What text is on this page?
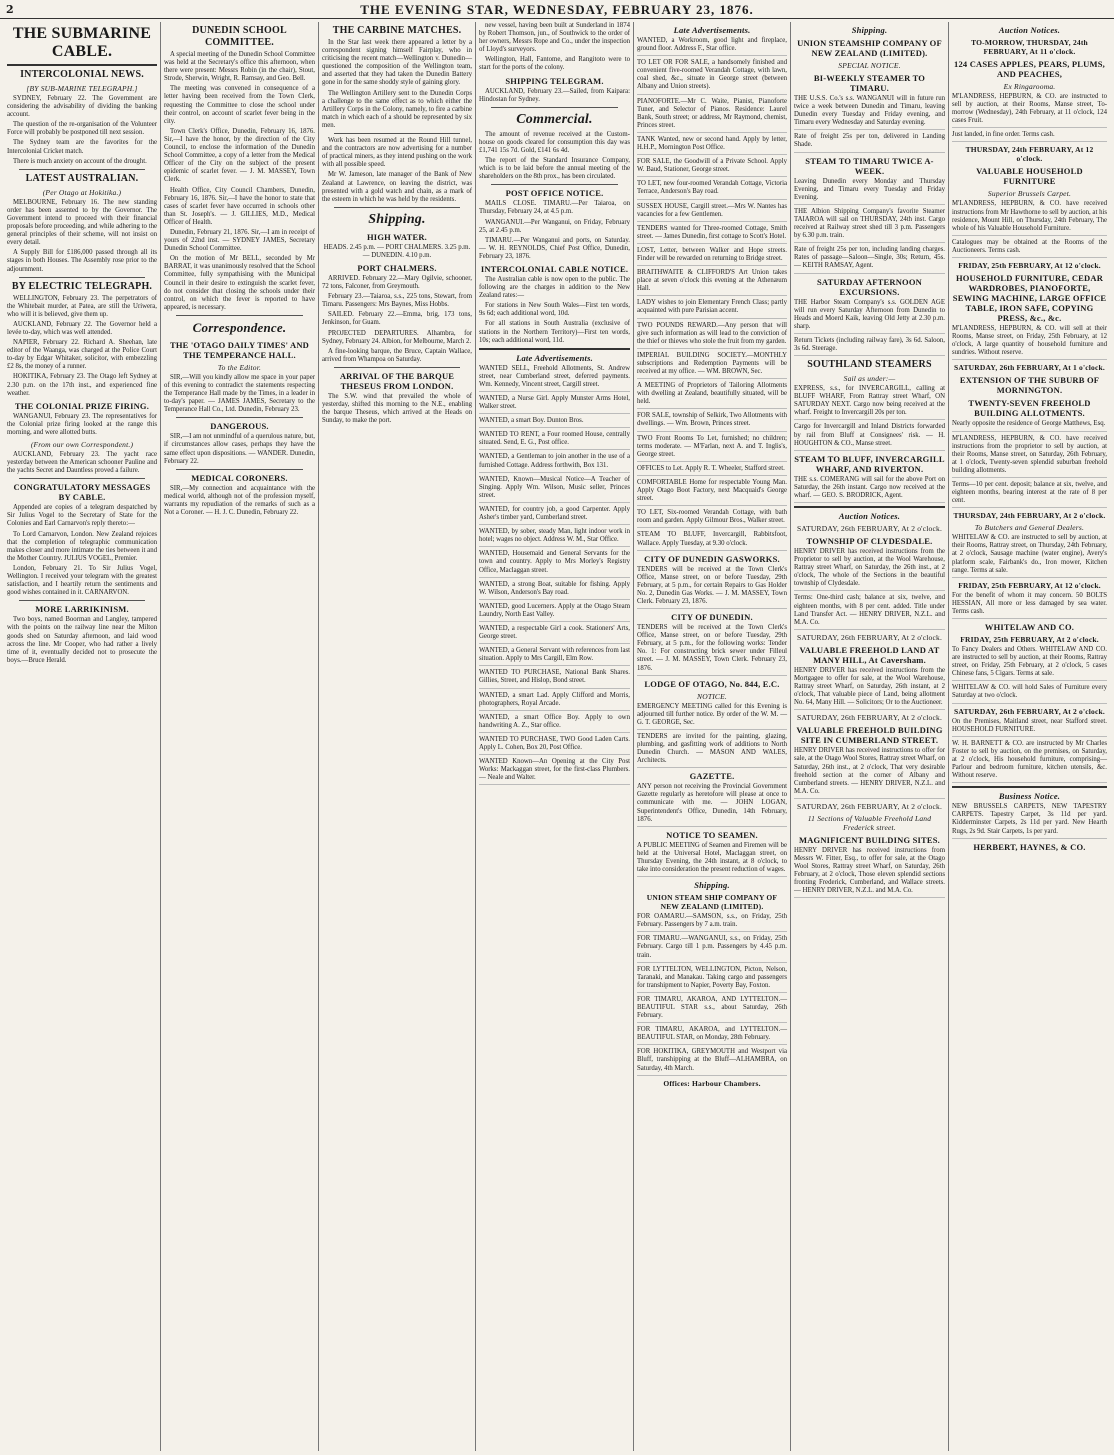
2	THE EVENING STAR, WEDNESDAY, FEBRUARY 23, 1876.
THE SUBMARINE CABLE.
INTERCOLONIAL NEWS.
[BY SUB-MARINE TELEGRAPH.]

SYDNEY, February 22. The Government are considering the advisability of dividing the banking account.

The question of the re-organisation of the Volunteer Force will probably be postponed till next session.

The Sydney team are the favorites for the Intercolonial Cricket match.

There is much anxiety on account of the drought.

LATEST AUSTRALIAN.
(Per Otago at Hokitika.)

MELBOURNE, February 16. The new standing order has been assented to by the Governor. The Government intend to proceed with their financial proposals before proceeding, and while adhering to the general principles of their scheme, will not insist on every detail.

A Supply Bill for £186,000 passed through all its stages in both Houses. The Assembly rose prior to the adjournment.

BY ELECTRIC TELEGRAPH.

WELLINGTON, February 23. The perpetrators of the Whitebait murder, at Patea, are still the Uriwera, who will it is believed, give them up.

AUCKLAND, February 22. The Governor held a levée to-day, which was well attended.

NAPIER, February 22. Richard A. Sheehan, late editor of the Waanga, was charged at the Police Court to-day by Edgar Whitaker, solicitor, with embezzling £2 8s, the money of a runner.

HOKITIKA, February 23. The Otago left Sydney at 2.30 p.m. on the 17th inst., and experienced fine weather.

THE COLONIAL PRIZE FIRING.

WANGANUI, February 23. The representatives for the Colonial prize firing looked at the range this morning, and were allotted butts.

(From our own Correspondent.)

AUCKLAND, February 23. The yacht race yesterday between the American schooner Pauline and the yachts Secret and Dauntless proved a failure.

CONGRATULATORY MESSAGES BY CABLE.

Appended are copies of a telegram despatched by Sir Julius Vogel to the Secretary of State for the Colonies and Earl Carnarvon's reply thereto:—

To Lord Carnarvon, London. New Zealand rejoices that the completion of telegraphic communication makes closer and more intimate the ties between it and the Mother Country. JULIUS VOGEL, Premier.

London, February 21. To Sir Julius Vogel, Wellington. I received your telegram with the greatest satisfaction, and I heartily return the sentiments and good wishes contained in it. CARNARVON.

MORE LARRIKINISM.

Two boys, named Boorman and Langley, tampered with the points on the railway line near the Milton goods shed on Saturday afternoon, and laid wood across the line. Mr Cooper, who had rather a lively time of it, eventually decided not to prosecute the boys.—Bruce Herald.

DUNEDIN SCHOOL COMMITTEE.

A special meeting of the Dunedin School Committee was held at the Secretary's office this afternoon, when there were present: Messrs Robin (in the chair), Stout, Strode, Sherwin, Wright, R. Ramsay, and Geo. Bell.

The meeting was convened in consequence of a letter having been received from the Town Clerk, requesting the Committee to close the school under their control, on account of scarlet fever being in the city.

Town Clerk's Office, Dunedin, February 16, 1876. Sir,—I have the honor, by the direction of the City Council, to enclose the information of the Dunedin School Committee, a copy of a letter from the Medical Officer of the City on the subject of the present epidemic of scarlet fever. — J. M. MASSEY, Town Clerk.

Health Office, City Council Chambers, Dunedin, February 16, 1876. Sir,—I have the honor to state that cases of scarlet fever have occurred in schools other than St. Joseph's. — J. GILLIES, M.D., Medical Officer of Health.

Dunedin, February 21, 1876. Sir,—I am in receipt of yours of 22nd inst. — SYDNEY JAMES, Secretary Dunedin School Committee.

On the motion of Mr BELL, seconded by Mr BARRAT, it was unanimously resolved that the School Committee, fully sympathising with the Municipal Council in their desire to extinguish the scarlet fever, do not consider that closing the schools under their control, on which the fever is reported to have appeared, is necessary.

Correspondence.
THE 'OTAGO DAILY TIMES' AND THE TEMPERANCE HALL.
To the Editor.

SIR,—Will you kindly allow me space in your paper of this evening to contradict the statements respecting the Temperance Hall made by the Times, in a leader in to-day's paper. — JAMES JAMES, Secretary to the Temperance Hall Co., Ltd. Dunedin, February 23.

DANGEROUS.

SIR,—I am not unmindful of a querulous nature, but, if circumstances allow cases, perhaps they have the same effect upon dispositions. — WANDER. Dunedin, February 22.

MEDICAL CORONERS.

SIR,—My connection and acquaintance with the medical world, although not of the profession myself, warrants my repudiation of the remarks of such as a Not a Coroner. — H. J. C. Dunedin, February 22.

THE CARBINE MATCHES.

In the Star last week there appeared a letter by a correspondent signing himself Fairplay, who in criticising the recent match—Wellington v. Dunedin—questioned the composition of the Wellington team, and asserted that they had taken the Dunedin Battery gone in for the same shoddy style of gaining glory.

The Wellington Artillery sent to the Dunedin Corps a challenge to the same effect as to which either the Artillery Corps in the Colony, namely, to fire a carbine match in which each of a should be represented by six men.

Work has been resumed at the Round Hill tunnel, and the contractors are now advertising for a number of practical miners, as they intend pushing on the work with all possible speed.

Mr W. Jameson, late manager of the Bank of New Zealand at Lawrence, on leaving the district, was presented with a gold watch and chain, as a mark of the esteem in which he was held by the residents.

Shipping.
HIGH WATER.

HEADS. 2.45 p.m. — PORT CHALMERS. 3.25 p.m. — DUNEDIN. 4.10 p.m.

PORT CHALMERS.

ARRIVED. February 22.—Mary Ogilvie, schooner, 72 tons, Falconer, from Greymouth.

February 23.—Taiaroa, s.s., 225 tons, Stewart, from Timaru. Passengers: Mrs Baynes, Miss Hobbs.

SAILED. February 22.—Emma, brig, 173 tons, Jenkinson, for Guam.

PROJECTED DEPARTURES. Alhambra, for Sydney, February 24. Albion, for Melbourne, March 2.

A fine-looking barque, the Bruce, Captain Wallace, arrived from Whampoa on Saturday.

ARRIVAL OF THE BARQUE THESEUS FROM LONDON.

The S.W. wind that prevailed the whole of yesterday, shifted this morning to the N.E., enabling the barque Theseus, which arrived at the Heads on Sunday, to make the port.

new vessel, having been built at Sunderland in 1874 by Robert Thomson, jun., of Southwick to the order of her owners, Messrs Rope and Co., under the inspection of Lloyd's surveyors.

Wellington, Hall, Fantome, and Rangitoto were to start for the ports of the colony.

SHIPPING TELEGRAM.

AUCKLAND, February 23.—Sailed, from Kaipara: Hindostan for Sydney.

Commercial.

The amount of revenue received at the Custom-house on goods cleared for consumption this day was £1,741 15s 7d. Gold, £141 6s 4d.

The report of the Standard Insurance Company, which is to be laid before the annual meeting of the shareholders on the 8th prox., has been circulated.

POST OFFICE NOTICE.

MAILS CLOSE. TIMARU.—Per Taiaroa, on Thursday, February 24, at 4.5 p.m.

WANGANUI.—Per Wanganui, on Friday, February 25, at 2.45 p.m.

TIMARU.—Per Wanganui and ports, on Saturday. — W. H. REYNOLDS, Chief Post Office, Dunedin, February 23, 1876.

INTERCOLONIAL CABLE NOTICE.

The Australian cable is now open to the public. The following are the charges in addition to the New Zealand rates:—

For stations in New South Wales—First ten words, 9s 6d; each additional word, 10d.

For all stations in South Australia (exclusive of stations in the Northern Territory)—First ten words, 10s; each additional word, 11d.

Late Advertisements.
WANTED SELL, Freehold Allotments, St. Andrew street, near Cumberland street, deferred payments. Wm. Kennedy, Vincent street, Cargill street.
WANTED, a Nurse Girl. Apply Munster Arms Hotel, Walker street.
WANTED, a smart Boy. Dunton Bros.
WANTED TO RENT, a Four roomed House, centrally situated. Send, E. G., Post office.
WANTED, a Gentleman to join another in the use of a furnished Cottage. Address forthwith, Box 131.
WANTED, Known—Musical Notice—A Teacher of Singing. Apply Wm. Wilson, Music seller, Princes street.
WANTED, for country job, a good Carpenter. Apply Asher's timber yard, Cumberland street.
WANTED, by sober, steady Man, light indoor work in hotel; wages no object. Address W. M., Star Office.
WANTED, Housemaid and General Servants for the town and country. Apply to Mrs Morley's Registry Office, Maclaggan street.
WANTED, a strong Boat, suitable for fishing. Apply W. Wilson, Anderson's Bay road.
WANTED, good Lucerners. Apply at the Otago Steam Laundry, North East Valley.
WANTED, a respectable Girl a cook. Stationers' Arts, George street.
WANTED, a General Servant with references from last situation. Apply to Mrs Cargill, Elm Row.
WANTED TO PURCHASE, National Bank Shares. Gillies, Street, and Hislop, Bond street.
WANTED, a smart Lad. Apply Clifford and Morris, photographers, Royal Arcade.
WANTED, a smart Office Boy. Apply to own handwriting A. Z., Star office.
WANTED TO PURCHASE, TWO Good Laden Carts. Apply L. Cohen, Box 20, Post Office.
WANTED Known—An Opening at the City Post Works: Mackaggan street, for the first-class Plumbers. — Neale and Walter.
Late Advertisements.
WANTED, a Workroom, good light and fireplace, ground floor. Address F., Star office.
TO LET OR FOR SALE, a handsomely finished and convenient five-roomed Verandah Cottage, with lawn, coal shed, &c., situate in George street (between Albany and Union streets).
PIANOFORTE.—Mr C. Waite, Pianist, Pianoforte Tuner, and Selector of Pianos. Residence: Laurel Bank, South street; or address, Mr Raymond, chemist, Princes street.
TANK Wanted, new or second hand. Apply by letter, H.H.P., Mornington Post Office.
FOR SALE, the Goodwill of a Private School. Apply W. Baud, Stationer, George street.
TO LET, new four-roomed Verandah Cottage, Victoria Terrace, Anderson's Bay road.
SUSSEX HOUSE, Cargill street.—Mrs W. Nantes has vacancies for a few Gentlemen.
TENDERS wanted for Three-roomed Cottage, Smith street. — James Dunedin, first cottage to Scott's Hotel.
LOST, Letter, between Walker and Hope streets. Finder will be rewarded on returning to Bridge street.
BRAITHWAITE & CLIFFORD'S Art Union takes place at seven o'clock this evening at the Athenæum Hall.
LADY wishes to join Elementary French Class; partly acquainted with pure Parisian accent.
TWO POUNDS REWARD.—Any person that will give such information as will lead to the conviction of the thief or thieves who stole the fruit from my garden.
IMPERIAL BUILDING SOCIETY.—MONTHLY subscriptions and Redemption Payments will be received at my office. — WM. BROWN, Sec.
A MEETING of Proprietors of Tailoring Allotments with dwelling at Zealand, beautifully situated, will be held.
FOR SALE, township of Selkirk, Two Allotments with dwellings. — Wm. Brown, Princes street.
TWO Front Rooms To Let, furnished; no children; terms moderate. — M'Farlan, next A. and T. Inglis's, George street.
OFFICES to Let. Apply R. T. Wheeler, Stafford street.
COMFORTABLE Home for respectable Young Man. Apply Otago Boot Factory, next Macquaid's George street.
TO LET, Six-roomed Verandah Cottage, with bath room and garden. Apply Gilmour Bros., Walker street.
STEAM TO BLUFF, Invercargill, Rabbitsfoot, Wallace. Apply Tuesday, at 9.30 o'clock.
CITY OF DUNEDIN GASWORKS.
TENDERS will be received at the Town Clerk's Office, Manse street, on or before Tuesday, 29th February, at 5 p.m., for certain Repairs to Gas Holder No. 2, Dunedin Gas Works. — J. M. MASSEY, Town Clerk. February 23, 1876.
CITY OF DUNEDIN.
TENDERS will be received at the Town Clerk's Office, Manse street, on or before Tuesday, 29th February, at 5 p.m., for the following works: Tender No. 1: For constructing brick sewer under Filleul street. — J. M. MASSEY, Town Clerk. February 23, 1876.
LODGE OF OTAGO, No. 844, E.C.
NOTICE.
EMERGENCY MEETING called for this Evening is adjourned till further notice. By order of the W. M. — G. T. GEORGE, Sec.
TENDERS are invited for the painting, glazing, plumbing, and gasfitting work of additions to North Dunedin Church. — MASON AND WALES, Architects.
GAZETTE.
ANY person not receiving the Provincial Government Gazette regularly as heretofore will please at once to communicate with me. — JOHN LOGAN, Superintendent's Office, Dunedin, 14th February, 1876.
NOTICE TO SEAMEN.
A PUBLIC MEETING of Seamen and Firemen will be held at the Universal Hotel, Maclaggan street, on Thursday Evening, the 24th instant, at 8 o'clock, to take into consideration the present reduction of wages.
Shipping.
UNION STEAM SHIP COMPANY OF NEW ZEALAND (LIMITED).
FOR OAMARU.—SAMSON, s.s., on Friday, 25th February. Passengers by 7 a.m. train.
FOR TIMARU.—WANGANUI, s.s., on Friday, 25th February. Cargo till 1 p.m. Passengers by 4.45 p.m. train.
FOR LYTTELTON, WELLINGTON, Picton, Nelson, Taranaki, and Manakau. Taking cargo and passengers for transhipment to Napier, Poverty Bay, Foxton.
FOR TIMARU, AKAROA, AND LYTTELTON.—BEAUTIFUL STAR s.s., about Saturday, 26th February.
FOR TIMARU, AKAROA, and LYTTELTON.—BEAUTIFUL STAR, on Monday, 28th February.
FOR HOKITIKA, GREYMOUTH and Westport via Bluff, transhipping at the Bluff—ALHAMBRA, on Saturday, 4th March.
Offices: Harbour Chambers.
Shipping.
UNION STEAMSHIP COMPANY OF NEW ZEALAND (LIMITED).
SPECIAL NOTICE.
BI-WEEKLY STEAMER TO TIMARU.
THE U.S.S. Co.'s s.s. WANGANUI will in future run twice a week between Dunedin and Timaru, leaving Dunedin every Tuesday and Friday evening, and Timaru every Wednesday and Saturday evening.
Rate of freight 25s per ton, delivered in Landing Shade.
STEAM TO TIMARU TWICE A-WEEK.
Leaving Dunedin every Monday and Thursday Evening, and Timaru every Tuesday and Friday Evening.
THE Albion Shipping Company's favorite Steamer TAIAROA will sail on THURSDAY, 24th inst. Cargo received at Railway street shed till 3 p.m. Passengers by 6.30 p.m. train.
Rate of freight 25s per ton, including landing charges. Rates of passage—Saloon—Single, 30s; Return, 45s. — KEITH RAMSAY, Agent.
SATURDAY AFTERNOON EXCURSIONS.
THE Harbor Steam Company's s.s. GOLDEN AGE will run every Saturday Afternoon from Dunedin to Heads and Moerd Kaik, leaving Old Jetty at 2.30 p.m. sharp.
Return Tickets (including railway fare), 3s 6d. Saloon, 3s 6d. Steerage.
SOUTHLAND STEAMERS
Sail as under:—
EXPRESS, s.s., for INVERCARGILL, calling at BLUFF WHARF, From Rattray street Wharf, ON SATURDAY NEXT. Cargo now being received at the wharf. Freight to Invercargill 20s per ton.
Cargo for Invercargill and Inland Districts forwarded by rail from Bluff at Consignees' risk. — H. HOUGHTON & CO., Manse street.
STEAM TO BLUFF, INVERCARGILL WHARF, AND RIVERTON.
THE s.s. COMERANG will sail for the above Port on Saturday, the 26th instant. Cargo now received at the wharf. — GEO. S. BRODRICK, Agent.
Auction Notices.
SATURDAY, 26th FEBRUARY, At 2 o'clock.
TOWNSHIP OF CLYDESDALE.
HENRY DRIVER has received instructions from the Proprietor to sell by auction, at the Wool Warehouse, Rattray street Wharf, on Saturday, the 26th inst., at 2 o'clock, The whole of the Sections in the beautiful township of Clydesdale.
Terms: One-third cash; balance at six, twelve, and eighteen months, with 8 per cent. added. Title under Land Transfer Act. — HENRY DRIVER, N.Z.L. and M.A. Co.
SATURDAY, 26th FEBRUARY, At 2 o'clock.
VALUABLE FREEHOLD LAND AT MANY HILL, At Caversham.
HENRY DRIVER has received instructions from the Mortgagee to offer for sale, at the Wool Warehouse, Rattray street Wharf, on Saturday, 26th instant, at 2 o'clock, That valuable piece of Land, being allotment No. 64, Many Hill. — Solicitors; Or to the Auctioneer.
SATURDAY, 26th FEBRUARY, At 2 o'clock.
VALUABLE FREEHOLD BUILDING SITE IN CUMBERLAND STREET.
HENRY DRIVER has received instructions to offer for sale, at the Otago Wool Stores, Rattray street Wharf, on Saturday, 26th inst., at 2 o'clock, That very desirable freehold section at the corner of Albany and Cumberland streets. — HENRY DRIVER, N.Z.L. and M.A. Co.
SATURDAY, 26th FEBRUARY, At 2 o'clock.
11 Sections of Valuable Freehold Land Frederick street.
MAGNIFICENT BUILDING SITES.
HENRY DRIVER has received instructions from Messrs W. Fitter, Esq., to offer for sale, at the Otago Wool Stores, Rattray street Wharf, on Saturday, 26th February, at 2 o'clock, Those eleven splendid sections fronting Frederick, Cumberland, and Wallace streets. — HENRY DRIVER, N.Z.L. and M.A. Co.
Auction Notices.
TO-MORROW, THURSDAY, 24th FEBRUARY, At 11 o'clock.
124 CASES APPLES, PEARS, PLUMS, AND PEACHES,
Ex Ringarooma.
M'LANDRESS, HEPBURN, & CO. are instructed to sell by auction, at their Rooms, Manse street, To-morrow (Wednesday), 24th February, at 11 o'clock, 124 cases Fruit.
Just landed, in fine order. Terms cash.
THURSDAY, 24th FEBRUARY, At 12 o'clock.
VALUABLE HOUSEHOLD FURNITURE
Superior Brussels Carpet.
M'LANDRESS, HEPBURN, & CO. have received instructions from Mr Hawthorne to sell by auction, at his residence, Mount Hill, on Thursday, 24th February, The whole of his Valuable Household Furniture.
Catalogues may be obtained at the Rooms of the Auctioneers. Terms cash.
FRIDAY, 25th FEBRUARY, At 12 o'clock.
HOUSEHOLD FURNITURE, CEDAR WARDROBES, PIANOFORTE, SEWING MACHINE, LARGE OFFICE TABLE, IRON SAFE, COPYING PRESS, &c., &c.
M'LANDRESS, HEPBURN, & CO. will sell at their Rooms, Manse street, on Friday, 25th February, at 12 o'clock, A large quantity of household furniture and sundries. Without reserve.
SATURDAY, 26th FEBRUARY, At 1 o'clock.
EXTENSION OF THE SUBURB OF MORNINGTON.
TWENTY-SEVEN FREEHOLD BUILDING ALLOTMENTS.
Nearly opposite the residence of George Matthews, Esq.
M'LANDRESS, HEPBURN, & CO. have received instructions from the proprietor to sell by auction, at their Rooms, Manse street, on Saturday, 26th February, at 1 o'clock, Twenty-seven splendid suburban freehold building allotments.
Terms—10 per cent. deposit; balance at six, twelve, and eighteen months, bearing interest at the rate of 8 per cent.
THURSDAY, 24th FEBRUARY, At 2 o'clock.
To Butchers and General Dealers.
WHITELAW & CO. are instructed to sell by auction, at their Rooms, Rattray street, on Thursday, 24th February, at 2 o'clock, Sausage machine (water engine), Avery's platform scale, Fairbank's do., Iron mower, Kitchen range. Terms at sale.
FRIDAY, 25th FEBRUARY, At 12 o'clock.
For the benefit of whom it may concern. 50 BOLTS HESSIAN, All more or less damaged by sea water. Terms cash.
WHITELAW AND CO.
FRIDAY, 25th FEBRUARY, At 2 o'clock.
To Fancy Dealers and Others. WHITELAW AND CO. are instructed to sell by auction, at their Rooms, Rattray street, on Friday, 25th February, at 2 o'clock, 5 cases Chinese fans, 5 Cigars. Terms at sale.
WHITELAW & CO. will hold Sales of Furniture every Saturday at two o'clock.
SATURDAY, 26th FEBRUARY, At 2 o'clock.
On the Premises, Maitland street, near Stafford street. HOUSEHOLD FURNITURE.
W. H. BARNETT & CO. are instructed by Mr Charles Foster to sell by auction, on the premises, on Saturday, at 2 o'clock, His household furniture, comprising—Parlour and bedroom furniture, kitchen utensils, &c. Without reserve.
Business Notice.
NEW BRUSSELS CARPETS, NEW TAPESTRY CARPETS. Tapestry Carpet, 3s 11d per yard. Kidderminster Carpets, 2s 11d per yard. New Hearth Rugs, 2s 9d. Stair Carpets, 1s per yard.
HERBERT, HAYNES, & CO.
